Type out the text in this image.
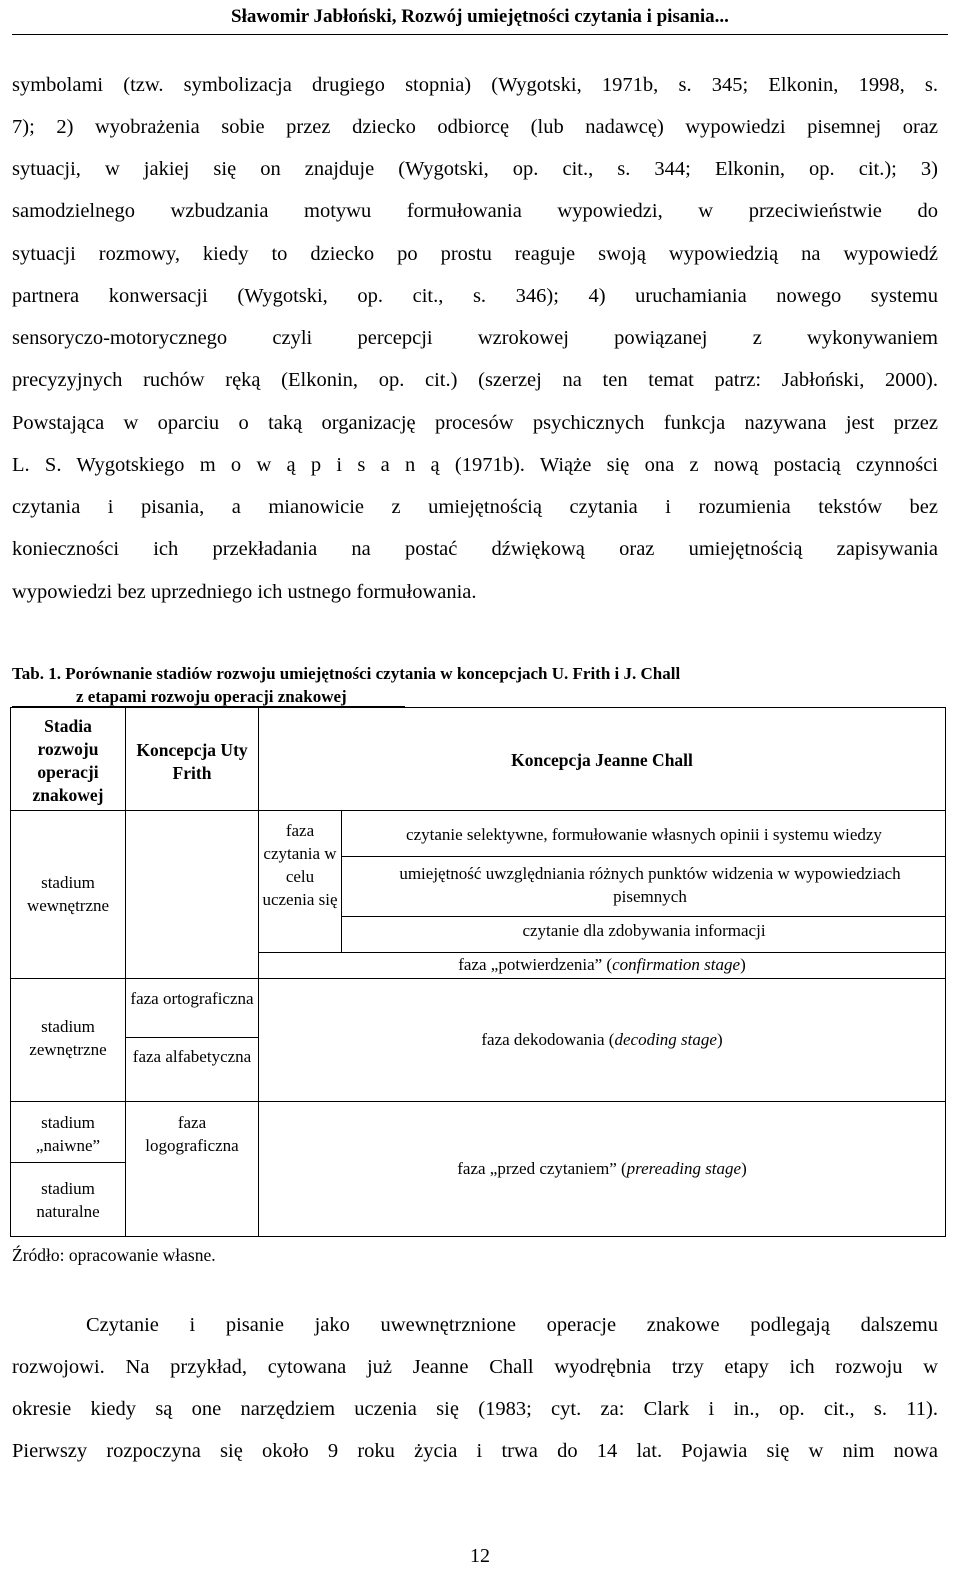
Sławomir Jabłoński, Rozwój umiejętności czytania i pisania...
symbolami (tzw. symbolizacja drugiego stopnia) (Wygotski, 1971b, s. 345; Elkonin, 1998, s.
7); 2) wyobrażenia sobie przez dziecko odbiorcę (lub nadawcę) wypowiedzi pisemnej oraz
sytuacji, w jakiej się on znajduje (Wygotski, op. cit., s. 344; Elkonin, op. cit.); 3)
samodzielnego wzbudzania motywu formułowania wypowiedzi, w przeciwieństwie do
sytuacji rozmowy, kiedy to dziecko po prostu reaguje swoją wypowiedzią na wypowiedź
partnera konwersacji (Wygotski, op. cit., s. 346); 4) uruchamiania nowego systemu
sensoryczo-motorycznego czyli percepcji wzrokowej powiązanej z wykonywaniem
precyzyjnych ruchów ręką (Elkonin, op. cit.) (szerzej na ten temat patrz: Jabłoński, 2000).
Powstająca w oparciu o taką organizację procesów psychicznych funkcja nazywana jest przez
L. S. Wygotskiego m o w ą p i s a n ą (1971b). Wiąże się ona z nową postacią czynności
czytania i pisania, a mianowicie z umiejętnością czytania i rozumienia tekstów bez
konieczności ich przekładania na postać dźwiękową oraz umiejętnością zapisywania
wypowiedzi bez uprzedniego ich ustnego formułowania.
Tab. 1. Porównanie stadiów rozwoju umiejętności czytania w koncepcjach U. Frith i J. Chall
z etapami rozwoju operacji znakowej
Stadia rozwoju operacji znakowej
Koncepcja Uty Frith
Koncepcja Jeanne Chall
stadium wewnętrzne
stadium zewnętrzne
stadium „naiwne”
stadium naturalne
faza ortograficzna
faza alfabetyczna
faza logograficzna
faza czytania w celu uczenia się
czytanie selektywne, formułowanie własnych opinii i systemu wiedzy
umiejętność uwzględniania różnych punktów widzenia w wypowiedziach pisemnych
czytanie dla zdobywania informacji
faza „potwierdzenia” (confirmation stage)
faza dekodowania (decoding stage)
faza „przed czytaniem” (prereading stage)
Źródło: opracowanie własne.
Czytanie i pisanie jako uwewnętrznione operacje znakowe podlegają dalszemu
rozwojowi. Na przykład, cytowana już Jeanne Chall wyodrębnia trzy etapy ich rozwoju w
okresie kiedy są one narzędziem uczenia się (1983; cyt. za: Clark i in., op. cit., s. 11).
Pierwszy rozpoczyna się około 9 roku życia i trwa do 14 lat. Pojawia się w nim nowa
12
